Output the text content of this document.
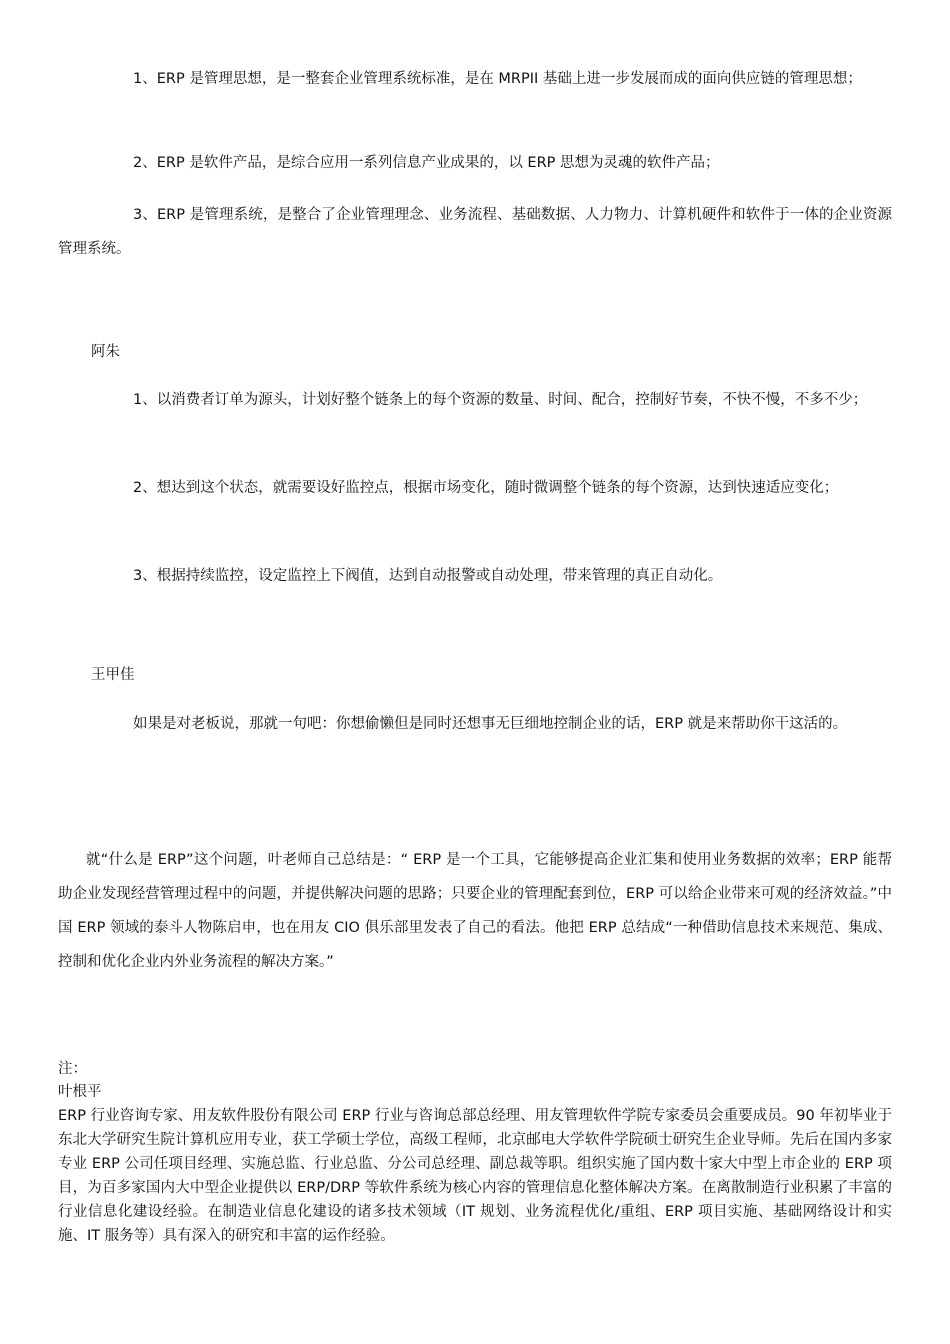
1、ERP 是管理思想，是一整套企业管理系统标准，是在 MRPII 基础上进一步发展而成的面向供应链的管理思想；

2、ERP 是软件产品，是综合应用一系列信息产业成果的，以 ERP 思想为灵魂的软件产品；

3、ERP 是管理系统，是整合了企业管理理念、业务流程、基础数据、人力物力、计算机硬件和软件于一体的企业资源管理系统。

阿朱

1、以消费者订单为源头，计划好整个链条上的每个资源的数量、时间、配合，控制好节奏，不快不慢，不多不少；

2、想达到这个状态，就需要设好监控点，根据市场变化，随时微调整个链条的每个资源，达到快速适应变化；

3、根据持续监控，设定监控上下阀值，达到自动报警或自动处理，带来管理的真正自动化。

王甲佳

如果是对老板说，那就一句吧：你想偷懒但是同时还想事无巨细地控制企业的话，ERP 就是来帮助你干这活的。

就“什么是 ERP”这个问题，叶老师自己总结是：“ ERP 是一个工具，它能够提高企业汇集和使用业务数据的效率；ERP 能帮助企业发现经营管理过程中的问题，并提供解决问题的思路；只要企业的管理配套到位，ERP 可以给企业带来可观的经济效益。”中国 ERP 领域的泰斗人物陈启申，也在用友 CIO 俱乐部里发表了自己的看法。他把 ERP 总结成“一种借助信息技术来规范、集成、控制和优化企业内外业务流程的解决方案。”

注：

叶根平

ERP 行业咨询专家、用友软件股份有限公司 ERP 行业与咨询总部总经理、用友管理软件学院专家委员会重要成员。90 年初毕业于东北大学研究生院计算机应用专业，获工学硕士学位，高级工程师，北京邮电大学软件学院硕士研究生企业导师。先后在国内多家专业 ERP 公司任项目经理、实施总监、行业总监、分公司总经理、副总裁等职。组织实施了国内数十家大中型上市企业的 ERP 项目，为百多家国内大中型企业提供以 ERP/DRP 等软件系统为核心内容的管理信息化整体解决方案。在离散制造行业积累了丰富的行业信息化建设经验。在制造业信息化建设的诸多技术领域（IT 规划、业务流程优化/重组、ERP 项目实施、基础网络设计和实施、IT 服务等）具有深入的研究和丰富的运作经验。
